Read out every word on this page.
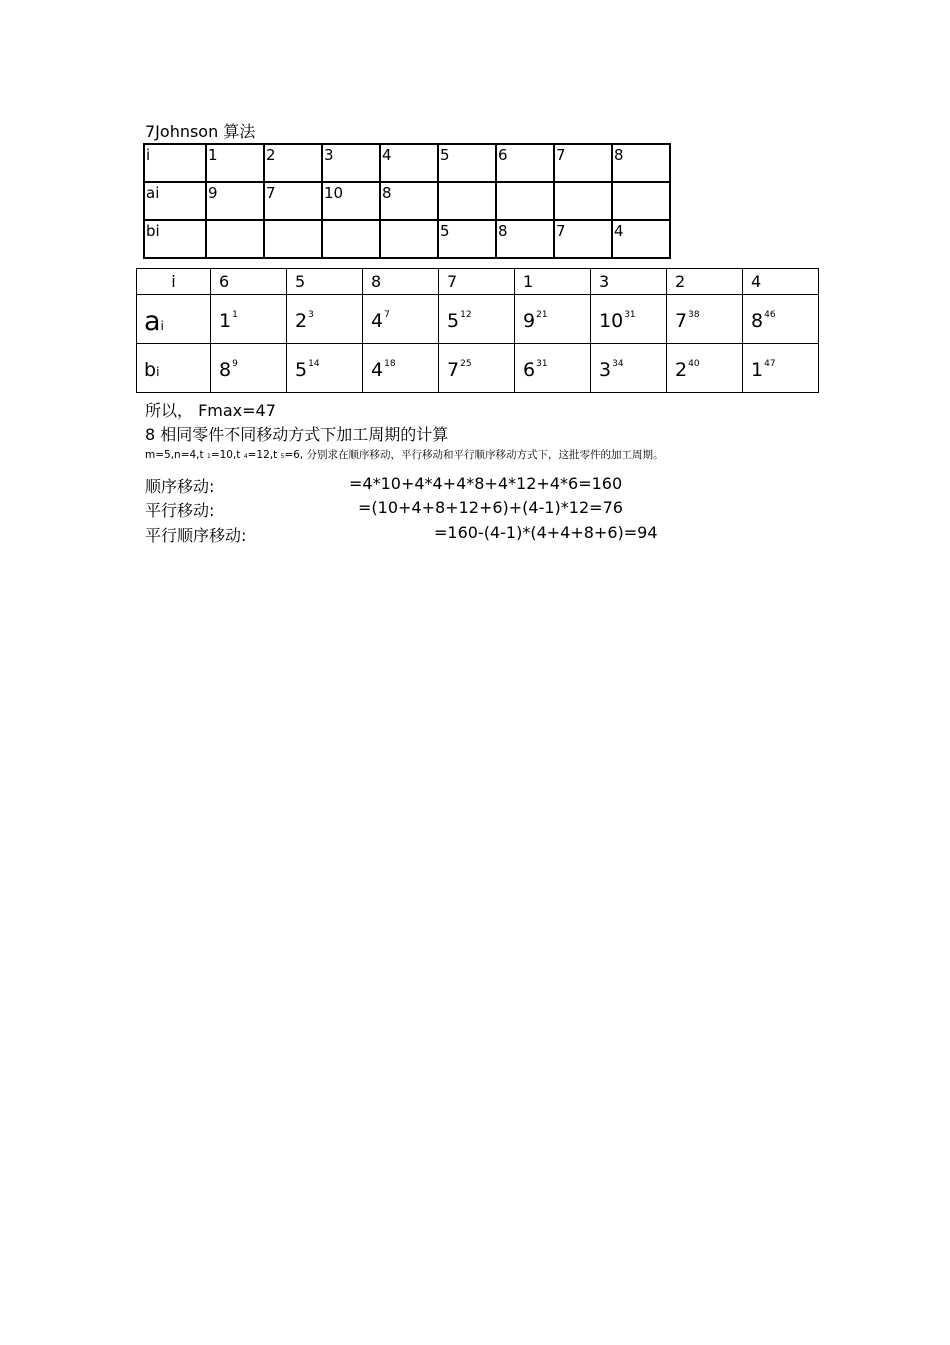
7Johnson 算法
i	1	2	3	4	5	6	7	8
ai	9	7	10	8				
bi					5	8	7	4
i	6	5	8	7	1	3	2	4
ai	$1^1$	$2^3$	$4^7$	$5^{12}$	$9^{21}$	$10^{31}$	$7^{38}$	$8^{46}$
bi	$8^9$	$5^{14}$	$4^{18}$	$7^{25}$	$6^{31}$	$3^{34}$	$2^{40}$	$1^{47}$
所以， Fmax=47
8 相同零件不同移动方式下加工周期的计算
m=5,n=4,t 1=10,t 4=12,t 5=6, 分别求在顺序移动，平行移动和平行顺序移动方式下，这批零件的加工周期。
顺序移动:	=4*10+4*4+4*8+4*12+4*6=160
平行移动:	=(10+4+8+12+6)+(4-1)*12=76
平行顺序移动:	=160-(4-1)*(4+4+8+6)=94
